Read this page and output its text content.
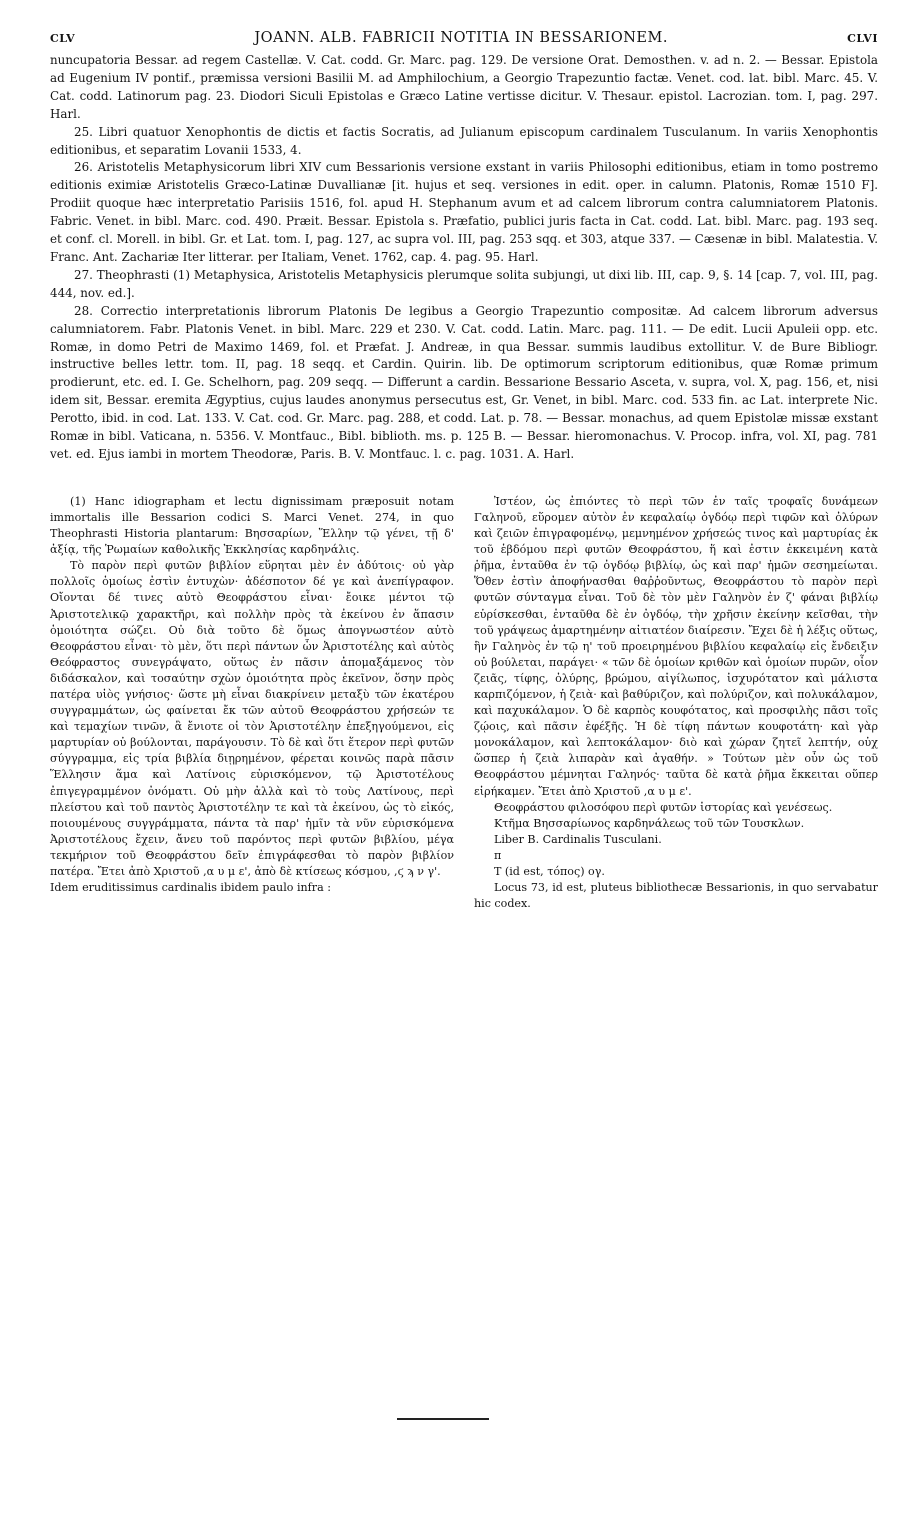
CLV	JOANN. ALB. FABRICII NOTITIA IN BESSARIONEM.	CLVI

nuncupatoria Bessar. ad regem Castellæ. V. Cat. codd. Gr. Marc. pag. 129. De versione Orat. Demosthen. v. ad n. 2. — Bessar. Epistola ad Eugenium IV pontif., præmissa versioni Basilii M. ad Amphilochium, a Georgio Trapezuntio factæ. Venet. cod. lat. bibl. Marc. 45. V. Cat. codd. Latinorum pag. 23. Diodori Siculi Epistolas e Græco Latine vertisse dicitur. V. Thesaur. epistol. Lacrozian. tom. I, pag. 297. Harl.

25. Libri quatuor Xenophontis de dictis et factis Socratis, ad Julianum episcopum cardinalem Tusculanum. In variis Xenophontis editionibus, et separatim Lovanii 1533, 4.

26. Aristotelis Metaphysicorum libri XIV cum Bessarionis versione exstant in variis Philosophi editionibus, etiam in tomo postremo editionis eximiæ Aristotelis Græco-Latinæ Duvallianæ [it. hujus et seq. versiones in edit. oper. in calumn. Platonis, Romæ 1510 F]. Prodiit quoque hæc interpretatio Parisiis 1516, fol. apud H. Stephanum avum et ad calcem librorum contra calumniatorem Platonis. Fabric. Venet. in bibl. Marc. cod. 490. Præit. Bessar. Epistola s. Præfatio, publici juris facta in Cat. codd. Lat. bibl. Marc. pag. 193 seq. et conf. cl. Morell. in bibl. Gr. et Lat. tom. I, pag. 127, ac supra vol. III, pag. 253 sqq. et 303, atque 337. — Cæsenæ in bibl. Malatestia. V. Franc. Ant. Zachariæ Iter litterar. per Italiam, Venet. 1762, cap. 4. pag. 95. Harl.

27. Theophrasti (1) Metaphysica, Aristotelis Metaphysicis plerumque solita subjungi, ut dixi lib. III, cap. 9, §. 14 [cap. 7, vol. III, pag. 444, nov. ed.].

28. Correctio interpretationis librorum Platonis De legibus a Georgio Trapezuntio compositæ. Ad calcem librorum adversus calumniatorem. Fabr. Platonis Venet. in bibl. Marc. 229 et 230. V. Cat. codd. Latin. Marc. pag. 111. — De edit. Lucii Apuleii opp. etc. Romæ, in domo Petri de Maximo 1469, fol. et Præfat. J. Andreæ, in qua Bessar. summis laudibus extollitur. V. de Bure Bibliogr. instructive belles lettr. tom. II, pag. 18 seqq. et Cardin. Quirin. lib. De optimorum scriptorum editionibus, quæ Romæ primum prodierunt, etc. ed. I. Ge. Schelhorn, pag. 209 seqq. — Differunt a cardin. Bessarione Bessario Asceta, v. supra, vol. X, pag. 156, et, nisi idem sit, Bessar. eremita Ægyptius, cujus laudes anonymus persecutus est, Gr. Venet, in bibl. Marc. cod. 533 fin. ac Lat. interprete Nic. Perotto, ibid. in cod. Lat. 133. V. Cat. cod. Gr. Marc. pag. 288, et codd. Lat. p. 78. — Bessar. monachus, ad quem Epistolæ missæ exstant Romæ in bibl. Vaticana, n. 5356. V. Montfauc., Bibl. biblioth. ms. p. 125 B. — Bessar. hieromonachus. V. Procop. infra, vol. XI, pag. 781 vet. ed. Ejus iambi in mortem Theodoræ, Paris. B. V. Montfauc. l. c. pag. 1031. A. Harl.

(1) Hanc idiographam et lectu dignissimam præposuit notam immortalis ille Bessarion codici S. Marci Venet. 274, in quo Theophrasti Historia plantarum: Βησσαρίων, Ἕλλην τῷ γένει, τῇ δ' ἀξίᾳ, τῆς Ῥωμαίων καθολικῆς Ἐκκλησίας καρδηνάλις.

Τὸ παρὸν περὶ φυτῶν βιβλίον εὕρηται μὲν ἐν ἀδύτοις· οὐ γὰρ πολλοῖς ὁμοίως ἐστὶν ἐντυχὼν· ἀδέσποτον δέ γε καὶ ἀνεπίγραφον. Οἴονται δέ τινες αὐτὸ Θεοφράστου εἶναι· ἔοικε μέντοι τῷ Ἀριστοτελικῷ χαρακτῆρι, καὶ πολλὴν πρὸς τὰ ἐκείνου ἐν ἅπασιν ὁμοιότητα σώζει. Οὐ διὰ τοῦτο δὲ ὅμως ἀπογνωστέον αὐτὸ Θεοφράστου εἶναι· τὸ μὲν, ὅτι περὶ πάντων ὧν Ἀριστοτέλης καὶ αὐτὸς Θεόφραστος συνεγράψατο, οὕτως ἐν πᾶσιν ἀπομαξάμενος τὸν διδάσκαλον, καὶ τοσαύτην σχὼν ὁμοιότητα πρὸς ἐκεῖνον, ὅσην πρὸς πατέρα υἱὸς γνήσιος· ὥστε μὴ εἶναι διακρίνειν μεταξὺ τῶν ἑκατέρου συγγραμμάτων, ὡς φαίνεται ἔκ τῶν αὐτοῦ Θεοφράστου χρήσεών τε καὶ τεμαχίων τινῶν, ἃ ἔνιοτε οἱ τὸν Ἀριστοτέλην ἐπεξηγούμενοι, εἰς μαρτυρίαν οὐ βούλονται, παράγουσιν. Τὸ δὲ καὶ ὅτι ἕτερον περὶ φυτῶν σύγγραμμα, εἰς τρία βιβλία διῃρημένον, φέρεται κοινῶς παρὰ πᾶσιν Ἕλλησιν ἅμα καὶ Λατίνοις εὑρισκόμενον, τῷ Ἀριστοτέλους ἐπιγεγραμμένον ὀνόματι. Οὐ μὴν ἀλλὰ καὶ τὸ τοὺς Λατίνους, περὶ πλείστου καὶ τοῦ παντὸς Ἀριστοτέλην τε καὶ τὰ ἐκείνου, ὡς τὸ εἰκός, ποιουμένους συγγράμματα, πάντα τὰ παρ' ἡμῖν τὰ νῦν εὑρισκόμενα Ἀριστοτέλους ἔχειν, ἄνευ τοῦ παρόντος περὶ φυτῶν βιβλίου, μέγα τεκμήριον τοῦ Θεοφράστου δεῖν ἐπιγράφεσθαι τὸ παρὸν βιβλίον πατέρα. Ἔτει ἀπὸ Χριστοῦ ,α υ μ ε', ἀπὸ δὲ κτίσεως κόσμου, ,ϛ ϡ ν γ'.

Idem eruditissimus cardinalis ibidem paulo infra :

Ἰστέον, ὡς ἐπιόντες τὸ περὶ τῶν ἐν ταῖς τροφαῖς δυνάμεων Γαληνοῦ, εὕρομεν αὐτὸν ἐν κεφαλαίῳ ὀγδόῳ περὶ τιφῶν καὶ ὀλύρων καὶ ζειῶν ἐπιγραφομένῳ, μεμνημένον χρήσεώς τινος καὶ μαρτυρίας ἐκ τοῦ ἑβδόμου περὶ φυτῶν Θεοφράστου, ἥ καὶ ἐστιν ἐκκειμένη κατὰ ῥῆμα, ἐνταῦθα ἐν τῷ ὀγδόῳ βιβλίῳ, ὡς καὶ παρ' ἡμῶν σεσημείωται. Ὅθεν ἐστὶν ἀποφήνασθαι θαῤῥοῦντως, Θεοφράστου τὸ παρὸν περὶ φυτῶν σύνταγμα εἶναι. Τοῦ δὲ τὸν μὲν Γαληνὸν ἐν ζ' φάναι βιβλίῳ εὑρίσκεσθαι, ἐνταῦθα δὲ ἐν ὀγδόῳ, τὴν χρῆσιν ἐκείνην κεῖσθαι, τὴν τοῦ γράψεως ἁμαρτημένην αἰτιατέον διαίρεσιν. Ἔχει δὲ ἡ λέξις οὕτως, ἣν Γαληνὸς ἐν τῷ η' τοῦ προειρημένου βιβλίου κεφαλαίῳ εἰς ἔνδειξιν οὐ βούλεται, παράγει· « τῶν δὲ ὁμοίων κριθῶν καὶ ὁμοίων πυρῶν, οἷον ζειᾶς, τίφης, ὀλύρης, βρώμου, αἰγίλωπος, ἰσχυρότατον καὶ μάλιστα καρπιζόμενον, ἡ ζειὰ· καὶ βαθύριζον, καὶ πολύριζον, καὶ πολυκάλαμον, καὶ παχυκάλαμον. Ὁ δὲ καρπὸς κουφότατος, καὶ προσφιλὴς πᾶσι τοῖς ζῴοις, καὶ πᾶσιν ἐφέξῆς. Ἡ δὲ τίφη πάντων κουφοτάτη· καὶ γὰρ μονοκάλαμον, καὶ λεπτοκάλαμον· διὸ καὶ χώραν ζητεῖ λεπτήν, οὐχ ὥσπερ ἡ ζειὰ λιπαρὰν καὶ ἀγαθήν. » Τούτων μὲν οὖν ὡς τοῦ Θεοφράστου μέμνηται Γαληνός· ταῦτα δὲ κατὰ ῥῆμα ἔκκειται οὕπερ εἰρήκαμεν. Ἔτει ἀπὸ Χριστοῦ ,α υ μ ε'.

Θεοφράστου φιλοσόφου περὶ φυτῶν ἱστορίας καὶ γενέσεως.

Κτῆμα Βησσαρίωνος καρδηνάλεως τοῦ τῶν Τουσκλων.

Liber B. Cardinalis Tusculani.

π

T (id est, τόπος) ογ.

Locus 73, id est, pluteus bibliothecæ Bessarionis, in quo servabatur hic codex.
